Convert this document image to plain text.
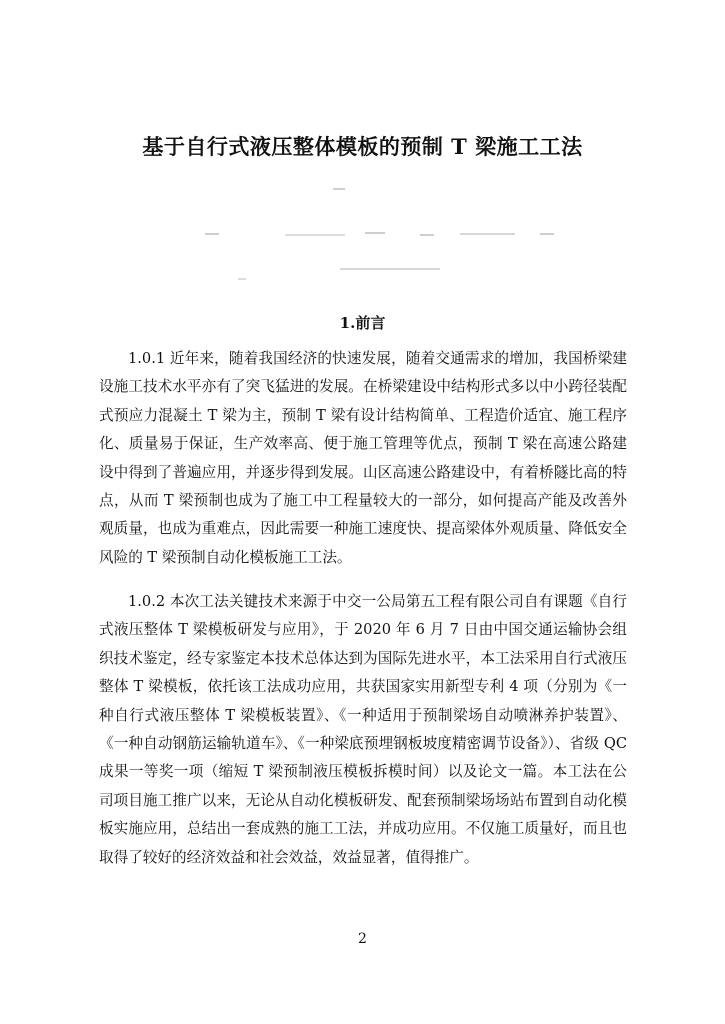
基于自行式液压整体模板的预制 T 梁施工工法
1.前言

1.0.1 近年来，随着我国经济的快速发展，随着交通需求的增加，我国桥梁建设施工技术水平亦有了突飞猛进的发展。在桥梁建设中结构形式多以中小跨径装配式预应力混凝土 T 梁为主，预制 T 梁有设计结构简单、工程造价适宜、施工程序化、质量易于保证，生产效率高、便于施工管理等优点，预制 T 梁在高速公路建设中得到了普遍应用，并逐步得到发展。山区高速公路建设中，有着桥隧比高的特点，从而 T 梁预制也成为了施工中工程量较大的一部分，如何提高产能及改善外观质量，也成为重难点，因此需要一种施工速度快、提高梁体外观质量、降低安全风险的 T 梁预制自动化模板施工工法。

1.0.2 本次工法关键技术来源于中交一公局第五工程有限公司自有课题《自行式液压整体 T 梁模板研发与应用》，于 2020 年 6 月 7 日由中国交通运输协会组织技术鉴定，经专家鉴定本技术总体达到为国际先进水平，本工法采用自行式液压整体 T 梁模板，依托该工法成功应用，共获国家实用新型专利 4 项（分别为《一种自行式液压整体 T 梁模板装置》、《一种适用于预制梁场自动喷淋养护装置》、《一种自动钢筋运输轨道车》、《一种梁底预埋钢板坡度精密调节设备》）、省级 QC 成果一等奖一项（缩短 T 梁预制液压模板拆模时间）以及论文一篇。本工法在公司项目施工推广以来，无论从自动化模板研发、配套预制梁场场站布置到自动化模板实施应用，总结出一套成熟的施工工法，并成功应用。不仅施工质量好，而且也取得了较好的经济效益和社会效益，效益显著，值得推广。

2
